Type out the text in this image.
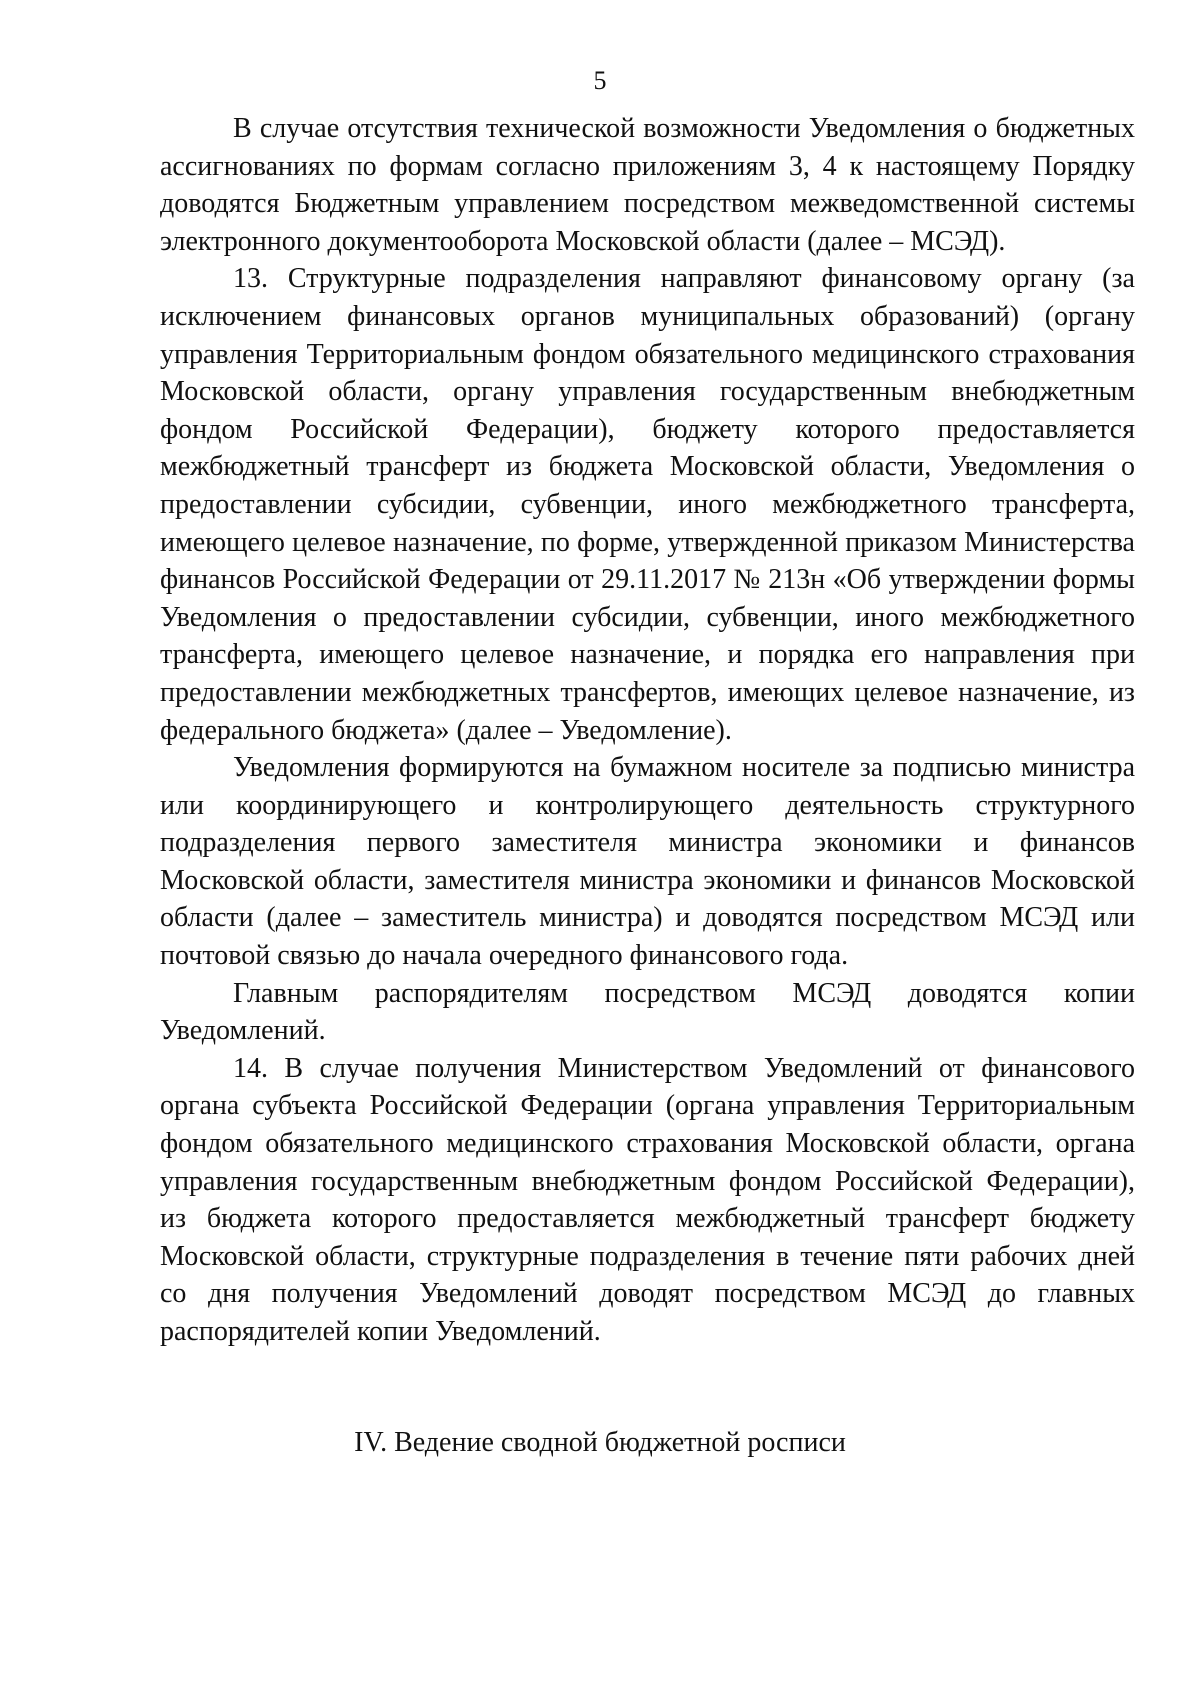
5

В случае отсутствия технической возможности Уведомления о бюджетных ассигнованиях по формам согласно приложениям 3, 4 к настоящему Порядку доводятся Бюджетным управлением посредством межведомственной системы электронного документооборота Московской области (далее – МСЭД).

13. Структурные подразделения направляют финансовому органу (за исключением финансовых органов муниципальных образований) (органу управления Территориальным фондом обязательного медицинского страхования Московской области, органу управления государственным внебюджетным фондом Российской Федерации), бюджету которого предоставляется межбюджетный трансферт из бюджета Московской области, Уведомления о предоставлении субсидии, субвенции, иного межбюджетного трансферта, имеющего целевое назначение, по форме, утвержденной приказом Министерства финансов Российской Федерации от 29.11.2017 № 213н «Об утверждении формы Уведомления о предоставлении субсидии, субвенции, иного межбюджетного трансферта, имеющего целевое назначение, и порядка его направления при предоставлении межбюджетных трансфертов, имеющих целевое назначение, из федерального бюджета» (далее – Уведомление).

Уведомления формируются на бумажном носителе за подписью министра или координирующего и контролирующего деятельность структурного подразделения первого заместителя министра экономики и финансов Московской области, заместителя министра экономики и финансов Московской области (далее – заместитель министра) и доводятся посредством МСЭД или почтовой связью до начала очередного финансового года.

Главным распорядителям посредством МСЭД доводятся копии Уведомлений.

14. В случае получения Министерством Уведомлений от финансового органа субъекта Российской Федерации (органа управления Территориальным фондом обязательного медицинского страхования Московской области, органа управления государственным внебюджетным фондом Российской Федерации), из бюджета которого предоставляется межбюджетный трансферт бюджету Московской области, структурные подразделения в течение пяти рабочих дней со дня получения Уведомлений доводят посредством МСЭД до главных распорядителей копии Уведомлений.

IV. Ведение сводной бюджетной росписи
